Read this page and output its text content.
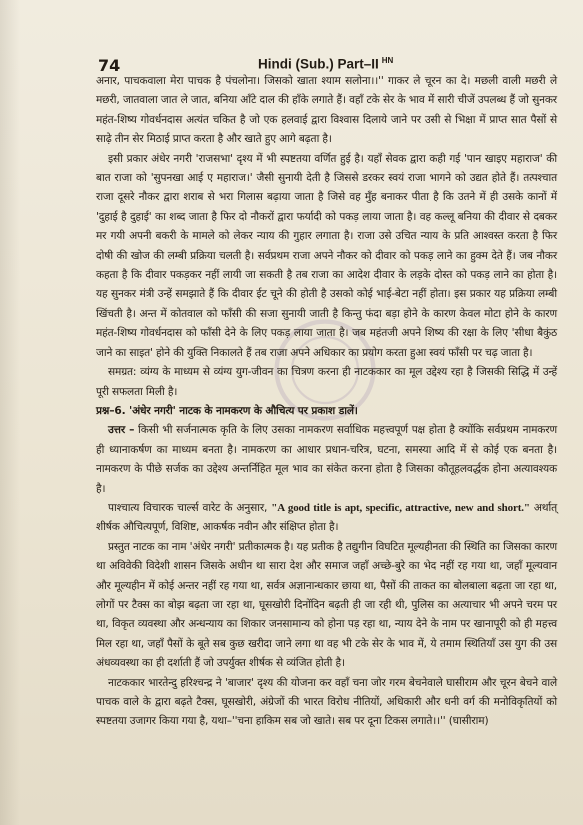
74	Hindi (Sub.) Part–II $^{HN}$

अनार, पाचकवाला मेरा पाचक है पंचलोना। जिसको खाता श्याम सलोना।।'' गाकर ले चूरन का दे। मछली वाली मछरी ले मछरी, जातवाला जात ले जात, बनिया आँटे दाल की हाँके लगाते हैं। वहाँ टके सेर के भाव में सारी चीजें उपलब्ध हैं जो सुनकर महंत-शिष्य गोवर्धनदास अत्यंत चकित है जो एक हलवाई द्वारा विश्वास दिलाये जाने पर उसी से भिक्षा में प्राप्त सात पैसों से साढ़े तीन सेर मिठाई प्राप्त करता है और खाते हुए आगे बढ़ता है।

इसी प्रकार अंधेर नगरी 'राजसभा' दृश्य में भी स्पष्टतया वर्णित हुई है। यहाँ सेवक द्वारा कही गई 'पान खाइए महाराज' की बात राजा को 'सुपनखा आई ए महाराज।' जैसी सुनायी देती है जिससे डरकर स्वयं राजा भागने को उद्यत होते हैं। तत्पश्चात राजा दूसरे नौकर द्वारा शराब से भरा गिलास बढ़ाया जाता है जिसे वह मुँह बनाकर पीता है कि उतने में ही उसके कानों में 'दुहाई है दुहाई' का शब्द जाता है फिर दो नौकरों द्वारा फर्यादी को पकड़ लाया जाता है। वह कल्लू बनिया की दीवार से दबकर मर गयी अपनी बकरी के मामले को लेकर न्याय की गुहार लगाता है। राजा उसे उचित न्याय के प्रति आश्वस्त करता है फिर दोषी की खोज की लम्बी प्रक्रिया चलती है। सर्वप्रथम राजा अपने नौकर को दीवार को पकड़ लाने का हुक्म देते हैं। जब नौकर कहता है कि दीवार पकड़कर नहीं लायी जा सकती है तब राजा का आदेश दीवार के लड़के दोस्त को पकड़ लाने का होता है। यह सुनकर मंत्री उन्हें समझाते हैं कि दीवार ईट चूने की होती है उसको कोई भाई-बेटा नहीं होता। इस प्रकार यह प्रक्रिया लम्बी खिंचती है। अन्त में कोतवाल को फाँसी की सजा सुनायी जाती है किन्तु फंदा बड़ा होने के कारण केवल मोटा होने के कारण महंत-शिष्य गोवर्धनदास को फाँसी देने के लिए पकड़ लाया जाता है। जब महंतजी अपने शिष्य की रक्षा के लिए 'सीधा बैकुंठ जाने का साइत' होने की युक्ति निकालते हैं तब राजा अपने अधिकार का प्रयोग करता हुआ स्वयं फाँसी पर चढ़ जाता है।

समग्रत: व्यंग्य के माध्यम से व्यंग्य युग-जीवन का चित्रण करना ही नाटककार का मूल उद्देश्य रहा है जिसकी सिद्धि में उन्हें पूरी सफलता मिली है।

प्रश्न–6. 'अंधेर नगरी' नाटक के नामकरण के औचित्य पर प्रकाश डालें।

उत्तर – किसी भी सर्जनात्मक कृति के लिए उसका नामकरण सर्वाधिक महत्त्वपूर्ण पक्ष होता है क्योंकि सर्वप्रथम नामकरण ही ध्यानाकर्षण का माध्यम बनता है। नामकरण का आधार प्रधान-चरित्र, घटना, समस्या आदि में से कोई एक बनता है। नामकरण के पीछे सर्जक का उद्देश्य अन्तर्निहित मूल भाव का संकेत करना होता है जिसका कौतूहलवर्द्धक होना अत्यावश्यक है।

पाश्चात्य विचारक चार्ल्स वारेट के अनुसार, "A good title is apt, specific, attractive, new and short." अर्थात् शीर्षक औचित्यपूर्ण, विशिष्ट, आकर्षक नवीन और संक्षिप्त होता है।

प्रस्तुत नाटक का नाम 'अंधेर नगरी' प्रतीकात्मक है। यह प्रतीक है तद्युगीन विघटित मूल्यहीनता की स्थिति का जिसका कारण था अविवेकी विदेशी शासन जिसके अधीन था सारा देश और समाज जहाँ अच्छे-बुरे का भेद नहीं रह गया था, जहाँ मूल्यवान और मूल्यहीन में कोई अन्तर नहीं रह गया था, सर्वत्र अज्ञानान्धकार छाया था, पैसों की ताकत का बोलबाला बढ़ता जा रहा था, लोगों पर टैक्स का बोझ बढ़ता जा रहा था, घूसखोरी दिनोंदिन बढ़ती ही जा रही थी, पुलिस का अत्याचार भी अपने चरम पर था, विकृत व्यवस्था और अन्धन्याय का शिकार जनसामान्य को होना पड़ रहा था, न्याय देने के नाम पर खानापूरी को ही महत्त्व मिल रहा था, जहाँ पैसों के बूते सब कुछ खरीदा जाने लगा था वह भी टके सेर के भाव में, ये तमाम स्थितियाँ उस युग की उस अंधव्यवस्था का ही दर्शाती हैं जो उपर्युक्त शीर्षक से व्यंजित होती है।

नाटककार भारतेन्दु हरिश्चन्द्र ने 'बाजार' दृश्य की योजना कर वहाँ चना जोर गरम बेचनेवाले घासीराम और चूरन बेचने वाले पाचक वाले के द्वारा बढ़ते टैक्स, घूसखोरी, अंग्रेजों की भारत विरोध नीतियों, अधिकारी और धनी वर्ग की मनोविकृतियों को स्पष्टतया उजागर किया गया है, यथा–''चना हाकिम सब जो खाते। सब पर दूना टिकस लगाते।।'' (घासीराम)
